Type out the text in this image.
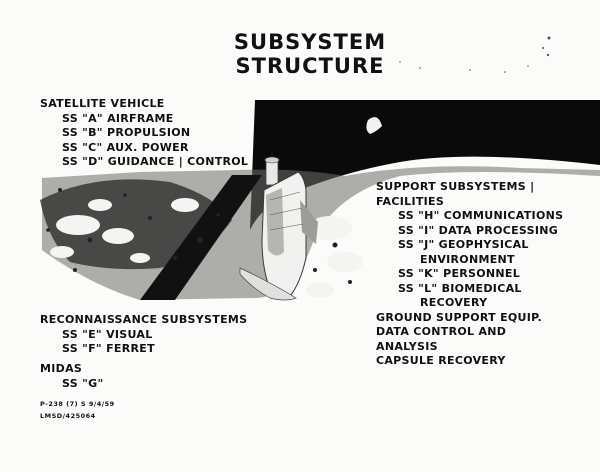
SUBSYSTEM STRUCTURE
SATELLITE VEHICLE
SS "A" AIRFRAME
SS "B" PROPULSION
SS "C" AUX. POWER
SS "D" GUIDANCE | CONTROL
SUPPORT SUBSYSTEMS |
FACILITIES
SS "H" COMMUNICATIONS
SS "I" DATA PROCESSING
SS "J" GEOPHYSICAL
ENVIRONMENT
SS "K" PERSONNEL
SS "L" BIOMEDICAL
RECOVERY
GROUND SUPPORT EQUIP.
DATA CONTROL AND
ANALYSIS
CAPSULE RECOVERY
RECONNAISSANCE SUBSYSTEMS
SS "E" VISUAL
SS "F" FERRET
MIDAS
SS "G"
P-238 (7) S 9/4/59
LMSD/425064
